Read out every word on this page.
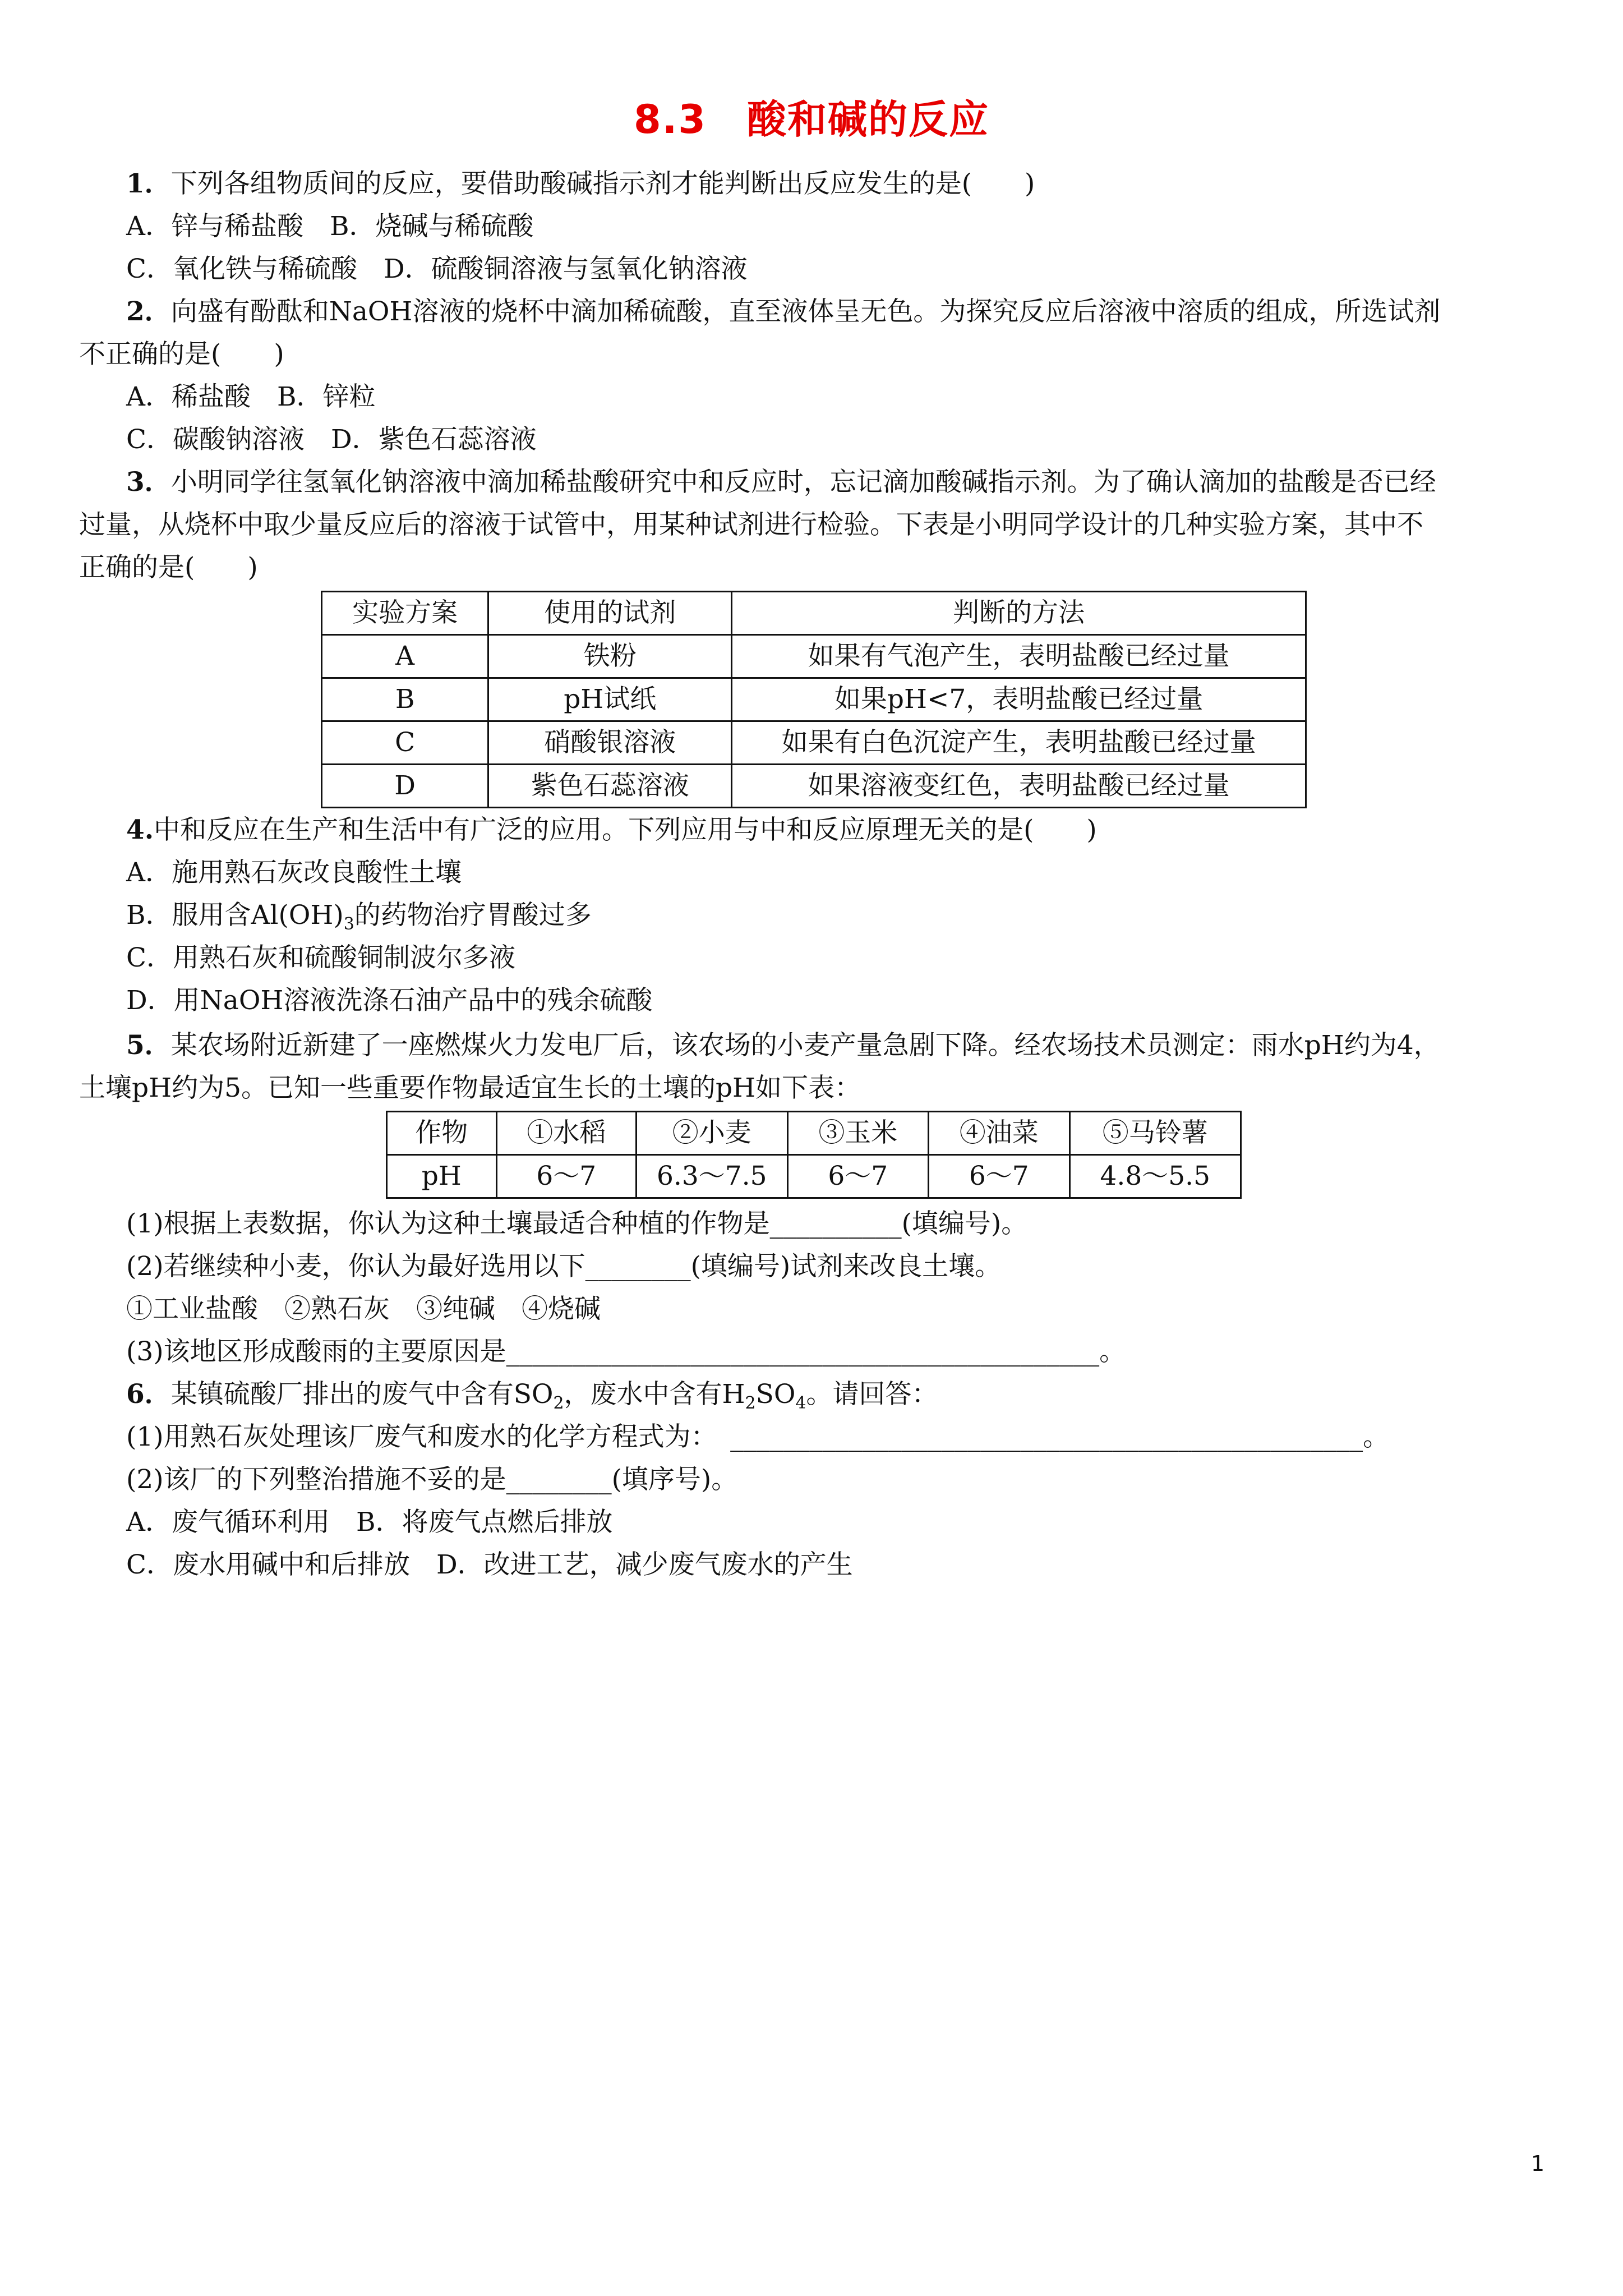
8.3　酸和碱的反应
1．下列各组物质间的反应，要借助酸碱指示剂才能判断出反应发生的是(　　)
A．锌与稀盐酸　B．烧碱与稀硫酸
C．氧化铁与稀硫酸　D．硫酸铜溶液与氢氧化钠溶液
2．向盛有酚酞和NaOH溶液的烧杯中滴加稀硫酸，直至液体呈无色。为探究反应后溶液中溶质的组成，所选试剂
不正确的是(　　)
A．稀盐酸　B．锌粒
C．碳酸钠溶液　D．紫色石蕊溶液
3．小明同学往氢氧化钠溶液中滴加稀盐酸研究中和反应时，忘记滴加酸碱指示剂。为了确认滴加的盐酸是否已经
过量，从烧杯中取少量反应后的溶液于试管中，用某种试剂进行检验。下表是小明同学设计的几种实验方案，其中不
正确的是(　　)
实验方案	使用的试剂	判断的方法
A	铁粉	如果有气泡产生，表明盐酸已经过量
B	pH试纸	如果pH<7，表明盐酸已经过量
C	硝酸银溶液	如果有白色沉淀产生，表明盐酸已经过量
D	紫色石蕊溶液	如果溶液变红色，表明盐酸已经过量
4.中和反应在生产和生活中有广泛的应用。下列应用与中和反应原理无关的是(　　)
A．施用熟石灰改良酸性土壤
B．服用含$Al(OH)_3$的药物治疗胃酸过多
C．用熟石灰和硫酸铜制波尔多液
D．用NaOH溶液洗涤石油产品中的残余硫酸
5．某农场附近新建了一座燃煤火力发电厂后，该农场的小麦产量急剧下降。经农场技术员测定：雨水pH约为4，
土壤pH约为5。已知一些重要作物最适宜生长的土壤的pH如下表：
作物	①水稻	②小麦	③玉米	④油菜	⑤马铃薯
pH	6～7	6.3～7.5	6～7	6～7	4.8～5.5
(1)根据上表数据，你认为这种土壤最适合种植的作物是__________(填编号)。
(2)若继续种小麦，你认为最好选用以下________(填编号)试剂来改良土壤。
①工业盐酸　②熟石灰　③纯碱　④烧碱
(3)该地区形成酸雨的主要原因是_____________________________________________。
6．某镇硫酸厂排出的废气中含有$SO_2$，废水中含有$H_2SO_4$。请回答：
(1)用熟石灰处理该厂废气和废水的化学方程式为：　________________________________________________。
(2)该厂的下列整治措施不妥的是________(填序号)。
A．废气循环利用　B．将废气点燃后排放
C．废水用碱中和后排放　D．改进工艺，减少废气废水的产生
1
